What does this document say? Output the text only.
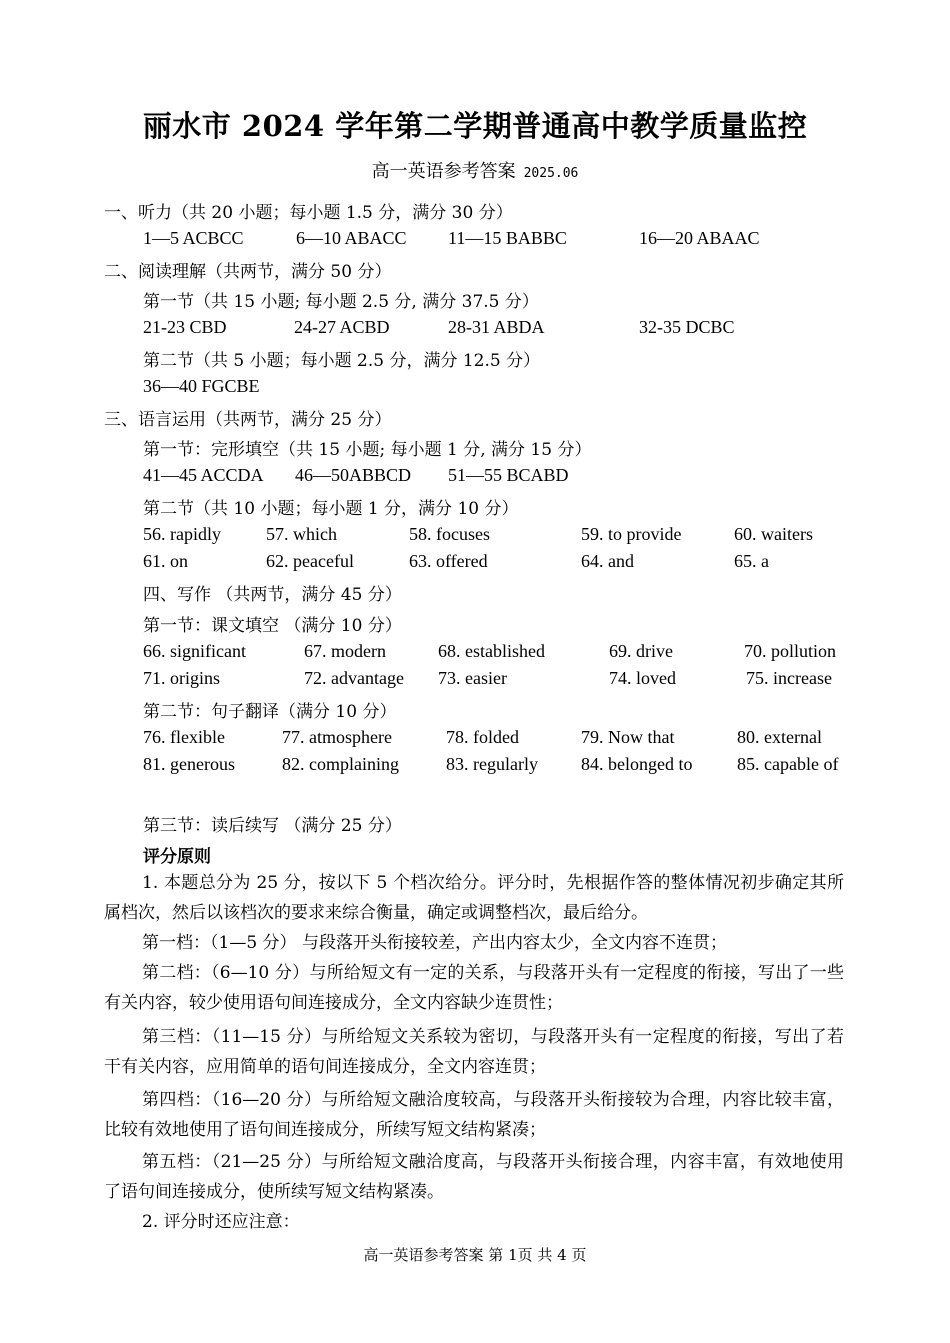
丽水市 2024 学年第二学期普通高中教学质量监控
高一英语参考答案 2025.06
一、听力（共 20 小题；每小题 1.5 分，满分 30 分）
1—5 ACBCC	6—10 ABACC 11—15 BABBC	16—20 ABAAC
二、阅读理解（共两节，满分 50 分）
第一节（共 15 小题; 每小题 2.5 分, 满分 37.5 分）
21-23 CBD	24-27 ACBD	28-31 ABDA	32-35 DCBC
第二节（共 5 小题；每小题 2.5 分，满分 12.5 分）
36—40 FGCBE
三、语言运用（共两节，满分 25 分）
第一节：完形填空（共 15 小题; 每小题 1 分, 满分 15 分）
41—45 ACCDA 46—50ABBCD 51—55 BCABD
第二节（共 10 小题；每小题 1 分，满分 10 分）
56. rapidly	57. which	58. focuses	59. to provide	60. waiters
61. on	62. peaceful	63. offered	64. and	65. a
四、写作 （共两节，满分 45 分）
第一节：课文填空 （满分 10 分）
66. significant	67. modern	68. established	69. drive	70. pollution
71. origins	72. advantage 73. easier	74. loved	75. increase
第二节：句子翻译（满分 10 分）
76. flexible	77. atmosphere	78. folded	79. Now that	80. external
81. generous	82. complaining	83. regularly 84. belonged to 85. capable of
第三节：读后续写 （满分 25 分）
评分原则
1. 本题总分为 25 分，按以下 5 个档次给分。评分时，先根据作答的整体情况初步确定其所属档次，然后以该档次的要求来综合衡量，确定或调整档次，最后给分。
第一档：（1—5 分） 与段落开头衔接较差，产出内容太少，全文内容不连贯；
第二档：（6—10 分）与所给短文有一定的关系，与段落开头有一定程度的衔接，写出了一些有关内容，较少使用语句间连接成分，全文内容缺少连贯性；
第三档：（11—15 分）与所给短文关系较为密切，与段落开头有一定程度的衔接，写出了若干有关内容，应用简单的语句间连接成分，全文内容连贯；
第四档：（16—20 分）与所给短文融洽度较高，与段落开头衔接较为合理，内容比较丰富，比较有效地使用了语句间连接成分，所续写短文结构紧凑；
第五档：（21—25 分）与所给短文融洽度高，与段落开头衔接合理，内容丰富，有效地使用了语句间连接成分，使所续写短文结构紧凑。
2. 评分时还应注意：
高一英语参考答案 第 1页 共 4 页
